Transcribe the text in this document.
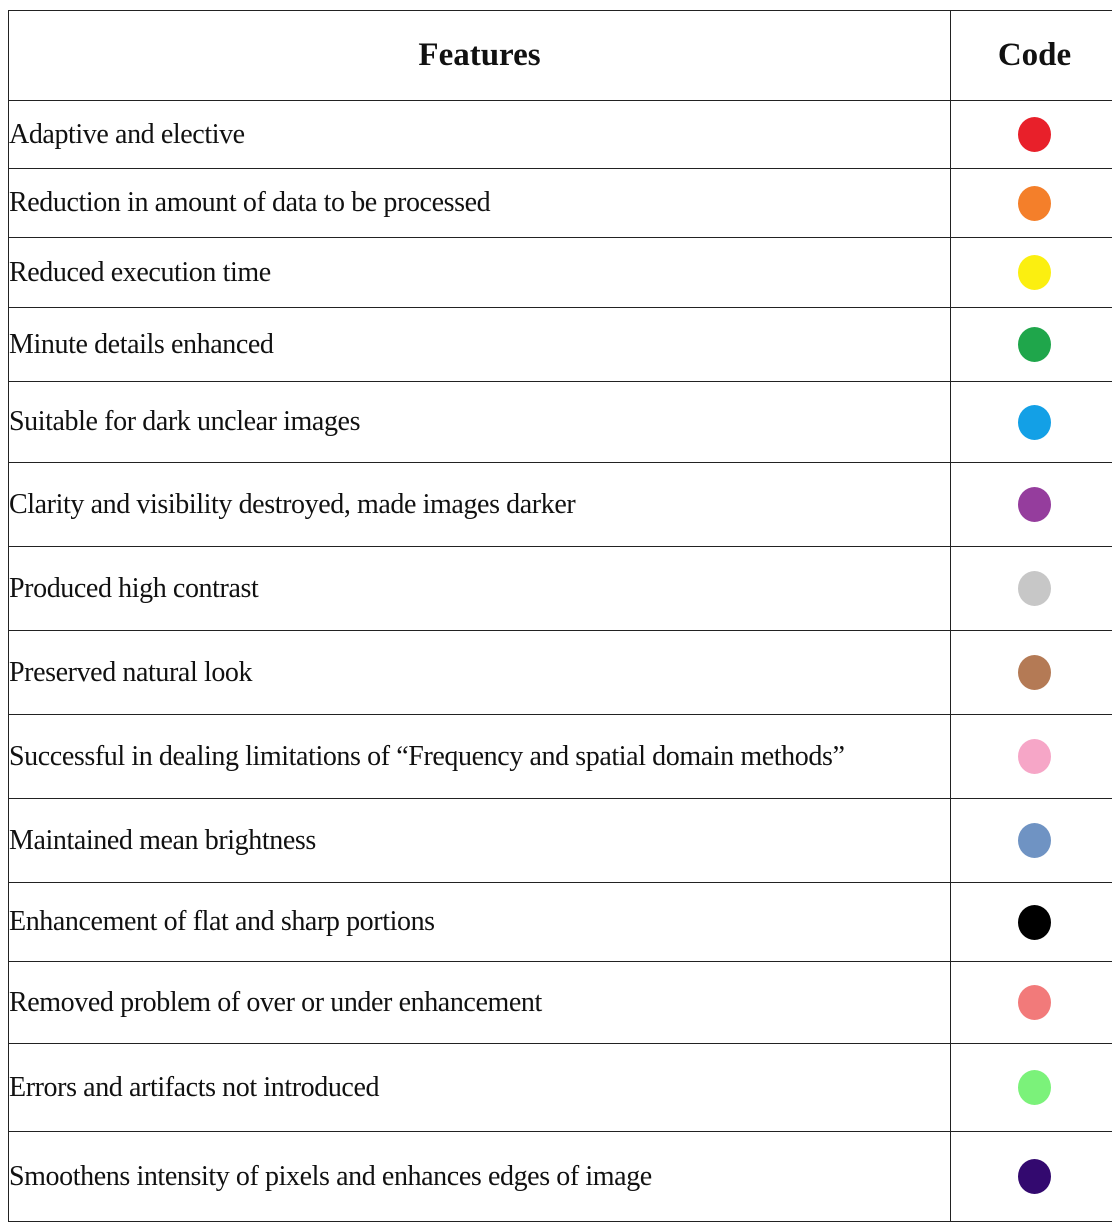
Features	Code
Adaptive and elective	
Reduction in amount of data to be processed	
Reduced execution time	
Minute details enhanced	
Suitable for dark unclear images	
Clarity and visibility destroyed, made images darker	
Produced high contrast	
Preserved natural look	
Successful in dealing limitations of “Frequency and spatial domain methods”	
Maintained mean brightness	
Enhancement of flat and sharp portions	
Removed problem of over or under enhancement	
Errors and artifacts not introduced	
Smoothens intensity of pixels and enhances edges of image	
